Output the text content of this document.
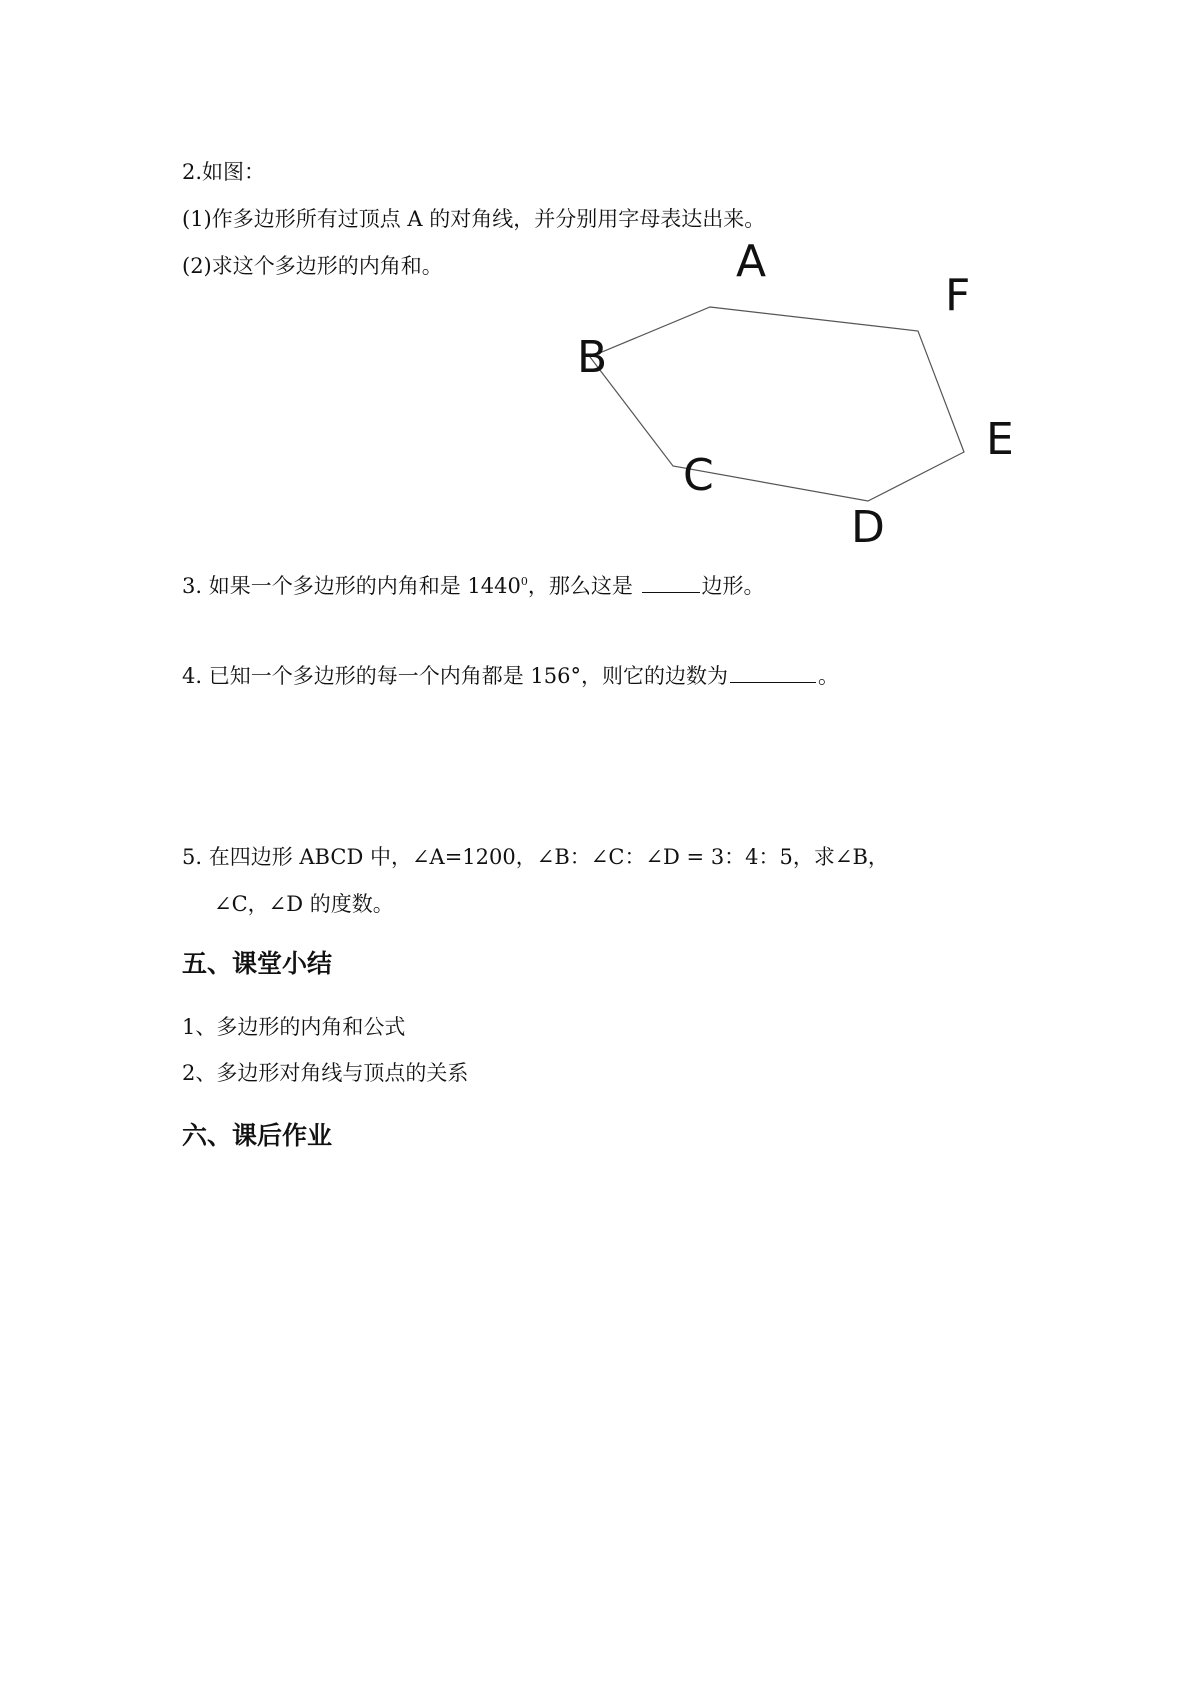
2.如图：
(1)作多边形所有过顶点 A 的对角线，并分别用字母表达出来。
(2)求这个多边形的内角和。	A
F
B
E
C
D
3. 如果一个多边形的内角和是 1440$^0$，那么这是	边形。
4. 已知一个多边形的每一个内角都是 156°，则它的边数为	。
5. 在四边形 ABCD 中，∠A=1200，∠B：∠C：∠D = 3：4：5，求∠B，
∠C，∠D 的度数。
五、课堂小结
1、多边形的内角和公式
2、多边形对角线与顶点的关系
六、课后作业
